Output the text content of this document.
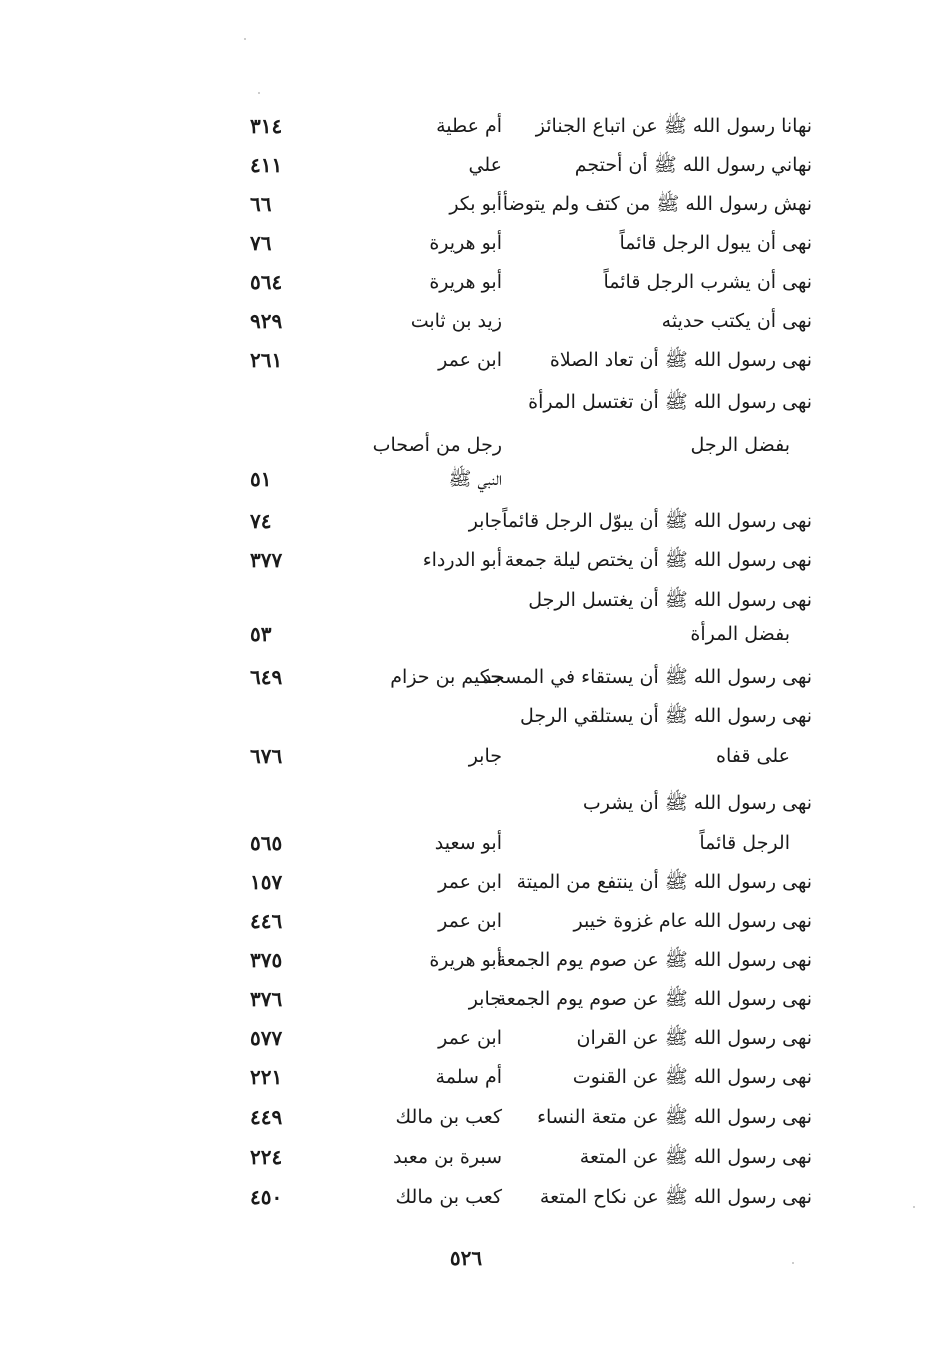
نهانا رسول الله ﷺ عن اتباع الجنائز
أم عطية
٣١٤
نهاني رسول الله ﷺ أن أحتجم
علي
٤١١
نهش رسول الله ﷺ من كتف ولم يتوضأ
أبو بكر
٦٦
نهى أن يبول الرجل قائماً
أبو هريرة
٧٦
نهى أن يشرب الرجل قائماً
أبو هريرة
٥٦٤
نهى أن يكتب حديثه
زيد بن ثابت
٩٢٩
نهى رسول الله ﷺ أن تعاد الصلاة
ابن عمر
٢٦١
نهى رسول الله ﷺ أن تغتسل المرأة
بفضل الرجل
رجل من أصحاب
النبي ﷺ
٥١
نهى رسول الله ﷺ أن يبوّل الرجل قائماً
جابر
٧٤
نهى رسول الله ﷺ أن يختص ليلة جمعة
أبو الدرداء
٣٧٧
نهى رسول الله ﷺ أن يغتسل الرجل
بفضل المرأة
٥٣
نهى رسول الله ﷺ أن يستقاء في المسجد
حكيم بن حزام
٦٤٩
نهى رسول الله ﷺ أن يستلقي الرجل
على قفاه
جابر
٦٧٦
نهى رسول الله ﷺ أن يشرب
الرجل قائماً
أبو سعيد
٥٦٥
نهى رسول الله ﷺ أن ينتفع من الميتة
ابن عمر
١٥٧
نهى رسول الله عام غزوة خيبر
ابن عمر
٤٤٦
نهى رسول الله ﷺ عن صوم يوم الجمعة
أبو هريرة
٣٧٥
نهى رسول الله ﷺ عن صوم يوم الجمعة
جابر
٣٧٦
نهى رسول الله ﷺ عن القران
ابن عمر
٥٧٧
نهى رسول الله ﷺ عن القنوت
أم سلمة
٢٢١
نهى رسول الله ﷺ عن متعة النساء
كعب بن مالك
٤٤٩
نهى رسول الله ﷺ عن المتعة
سبرة بن معبد
٢٢٤
نهى رسول الله ﷺ عن نكاح المتعة
كعب بن مالك
٤٥٠
٥٢٦
